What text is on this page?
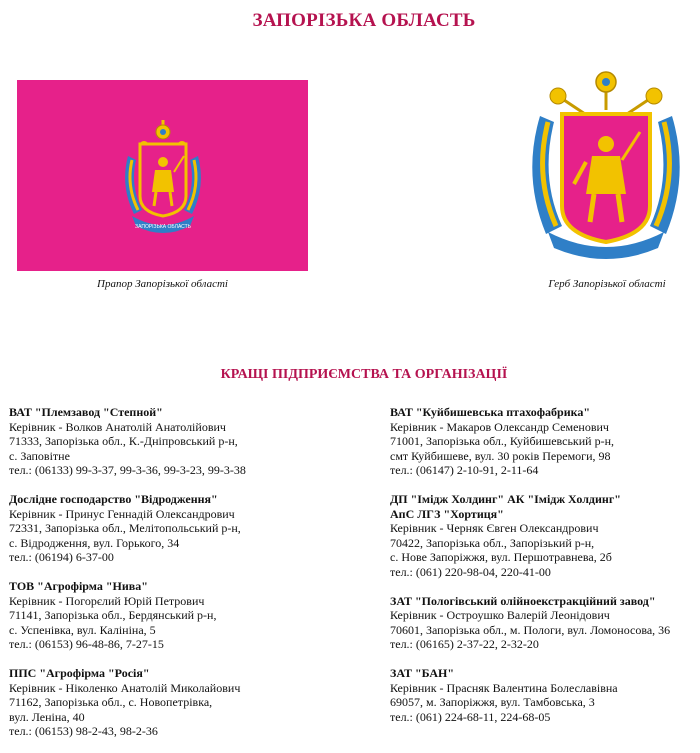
ЗАПОРІЗЬКА ОБЛАСТЬ
ЗАПОРІЗЬКА ОБЛАСТЬ
Прапор Запорізької області	Герб Запорізької області
КРАЩІ ПІДПРИЄМСТВА ТА ОРГАНІЗАЦІЇ
ВАТ "Племзавод "Степной"
Керівник - Волков Анатолій Анатолійович
71333, Запорізька обл., К.-Дніпровський р-н,
с. Заповітне
тел.: (06133) 99-3-37, 99-3-36, 99-3-23, 99-3-38
Дослідне господарство "Відродження"
Керівник - Принус Геннадій Олександрович
72331, Запорізька обл., Мелітопольський р-н,
с. Відродження, вул. Горького, 34
тел.: (06194) 6-37-00
ТОВ "Агрофірма "Нива"
Керівник - Погорєлий Юрій Петрович
71141, Запорізька обл., Бердянський р-н,
с. Успенівка, вул. Калініна, 5
тел.: (06153) 96-48-86, 7-27-15
ППС "Агрофірма "Росія"
Керівник - Ніколенко Анатолій Миколайович
71162, Запорізька обл., с. Новопетрівка,
вул. Леніна, 40
тел.: (06153) 98-2-43, 98-2-36
ВАТ "Куйбишевська птахофабрика"
Керівник - Макаров Олександр Семенович
71001, Запорізька обл., Куйбишевський р-н,
смт Куйбишеве, вул. 30 років Перемоги, 98
тел.: (06147) 2-10-91, 2-11-64
ДП "Імідж Холдинг" АК "Імідж Холдинг"
АпС ЛГЗ "Хортиця"
Керівник - Черняк Євген Олександрович
70422, Запорізька обл., Запорізький р-н,
с. Нове Запоріжжя, вул. Першотравнева, 2б
тел.: (061) 220-98-04, 220-41-00
ЗАТ "Пологівський олійноекстракційний завод"
Керівник - Остроушко Валерій Леонідович
70601, Запорізька обл., м. Пологи, вул. Ломоносова, 36
тел.: (06165) 2-37-22, 2-32-20
ЗАТ "БАН"
Керівник - Прасняк Валентина Болеславівна
69057, м. Запоріжжя, вул. Тамбовська, 3
тел.: (061) 224-68-11, 224-68-05
